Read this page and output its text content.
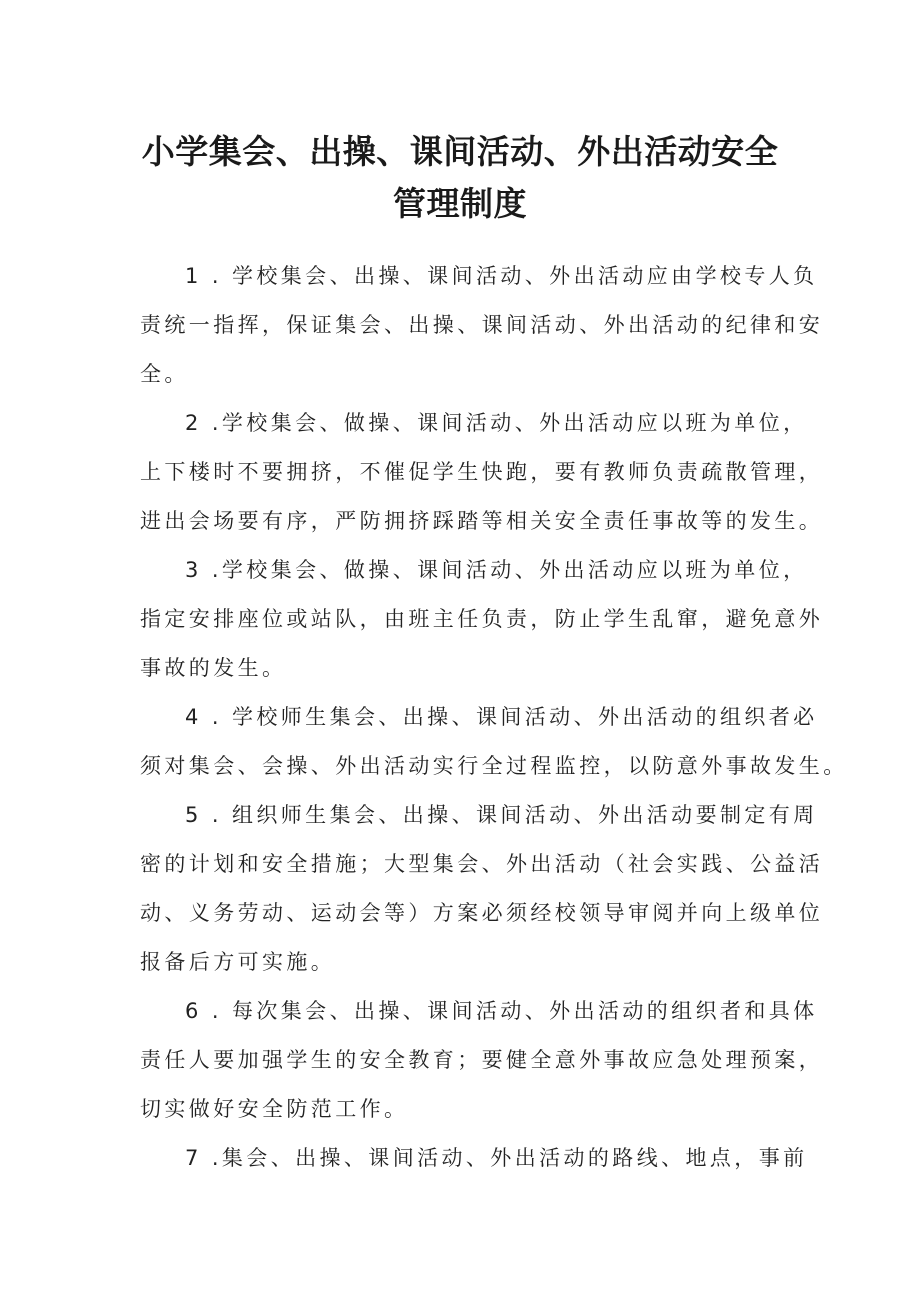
小学集会、出操、课间活动、外出活动安全管理制度
1 . 学校集会、出操、课间活动、外出活动应由学校专人负
责统一指挥，保证集会、出操、课间活动、外出活动的纪律和安
全。
2 .学校集会、做操、课间活动、外出活动应以班为单位，
上下楼时不要拥挤，不催促学生快跑，要有教师负责疏散管理，
进出会场要有序，严防拥挤踩踏等相关安全责任事故等的发生。
3 .学校集会、做操、课间活动、外出活动应以班为单位，
指定安排座位或站队，由班主任负责，防止学生乱窜，避免意外
事故的发生。
4 . 学校师生集会、出操、课间活动、外出活动的组织者必
须对集会、会操、外出活动实行全过程监控，以防意外事故发生。
5 . 组织师生集会、出操、课间活动、外出活动要制定有周
密的计划和安全措施；大型集会、外出活动（社会实践、公益活
动、义务劳动、运动会等）方案必须经校领导审阅并向上级单位
报备后方可实施。
6 . 每次集会、出操、课间活动、外出活动的组织者和具体
责任人要加强学生的安全教育；要健全意外事故应急处理预案，
切实做好安全防范工作。
7 .集会、出操、课间活动、外出活动的路线、地点，事前
